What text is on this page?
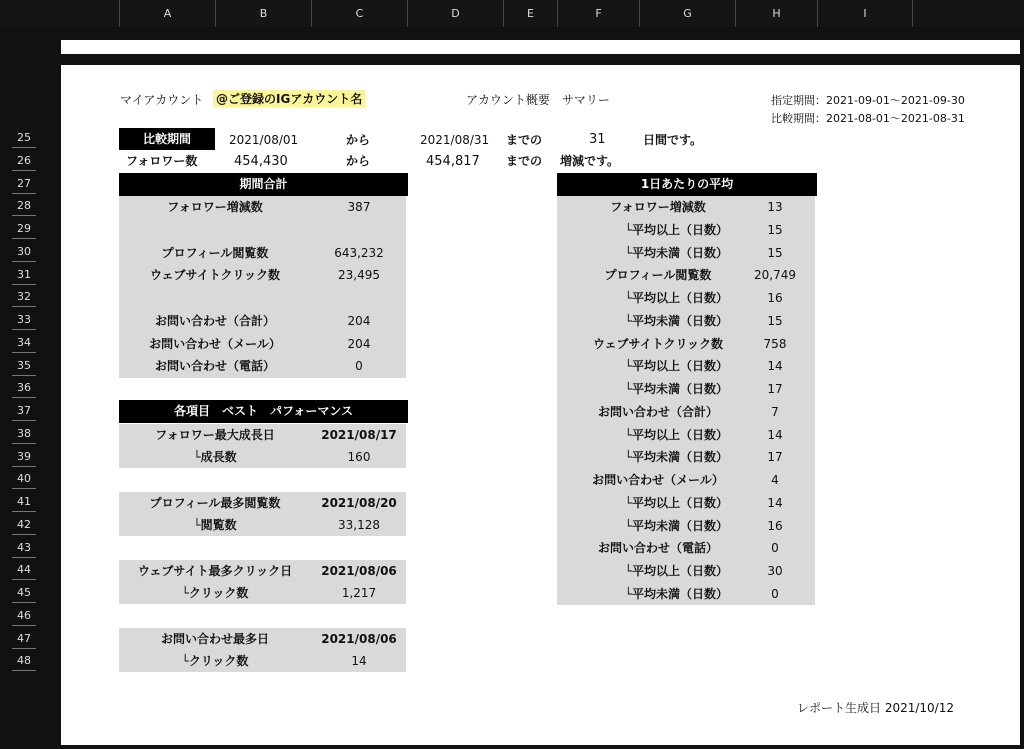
A	B	C	D	E	F	G	H	I
25
26
27
28
29
30
31
32
33
34
35
36
37
38
39
40
41
42
43
44
45
46
47
48
マイアカウント @ご登録のIGアカウント名	アカウント概要　サマリー	指定期間：2021-09-01〜2021-09-30
比較期間：2021-08-01〜2021-08-31
比較期間	2021/08/01	から	2021/08/31 までの	31	日間です。
フォロワー数	454,430	から	454,817 までの 増減です。
期間合計
フォロワー増減数	387
プロフィール閲覧数	643,232
ウェブサイトクリック数	23,495
お問い合わせ（合計）	204
お問い合わせ（メール）	204
お問い合わせ（電話）	0
各項目　ベスト　パフォーマンス
フォロワー最大成長日	2021/08/17
└成長数	160
プロフィール最多閲覧数	2021/08/20
└閲覧数	33,128
ウェブサイト最多クリック日	2021/08/06
└クリック数	1,217
お問い合わせ最多日	2021/08/06
└クリック数	14
1日あたりの平均
フォロワー増減数	13
└平均以上（日数）	15
└平均未満（日数）	15
プロフィール閲覧数	20,749
└平均以上（日数）	16
└平均未満（日数）	15
ウェブサイトクリック数	758
└平均以上（日数）	14
└平均未満（日数）	17
お問い合わせ（合計）	7
└平均以上（日数）	14
└平均未満（日数）	17
お問い合わせ（メール）	4
└平均以上（日数）	14
└平均未満（日数）	16
お問い合わせ（電話）	0
└平均以上（日数）	30
└平均未満（日数）	0
レポート生成日 2021/10/12
